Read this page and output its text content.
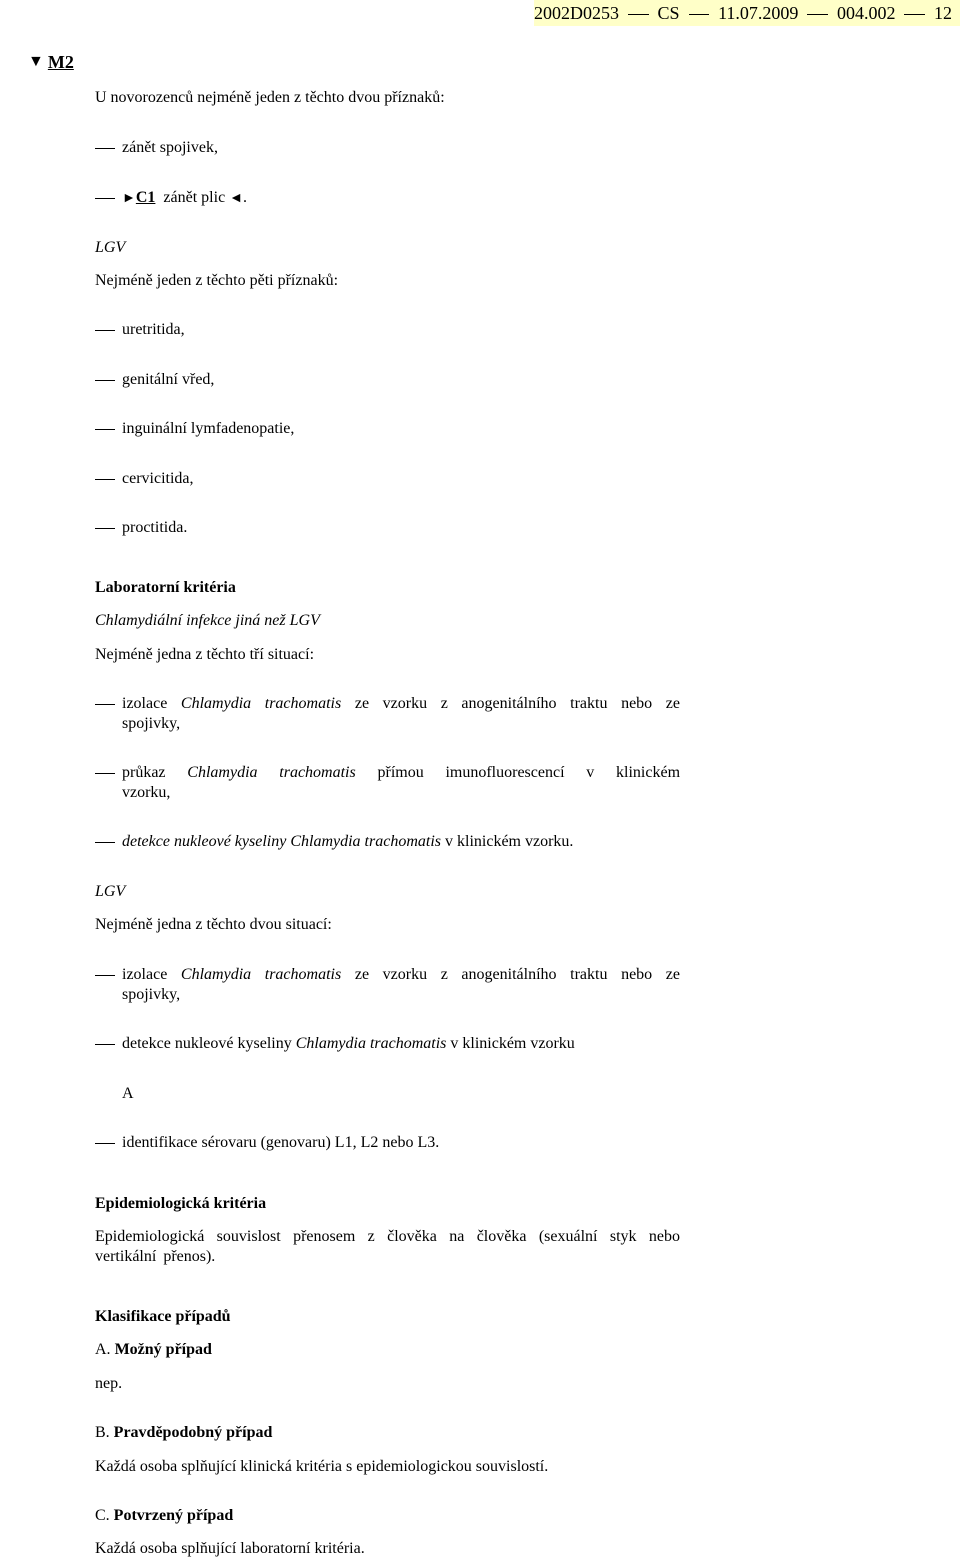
2002D0253 CS 11.07.2009 004.002 12
▼ M2
U novorozenců nejméně jeden z těchto dvou příznaků:
zánět spojivek,
►C1 zánět plic ◄.
LGV
Nejméně jeden z těchto pěti příznaků:
uretritida,
genitální vřed,
inguinální lymfadenopatie,
cervicitida,
proctitida.
Laboratorní kritéria
Chlamydiální infekce jiná než LGV
Nejméně jedna z těchto tří situací:
izolace Chlamydia trachomatis ze vzorku z anogenitálního traktu nebo ze spojivky,
průkaz Chlamydia trachomatis přímou imunofluorescencí v klinickém vzorku,
detekce nukleové kyseliny Chlamydia trachomatis v klinickém vzorku.
LGV
Nejméně jedna z těchto dvou situací:
izolace Chlamydia trachomatis ze vzorku z anogenitálního traktu nebo ze spojivky,
detekce nukleové kyseliny Chlamydia trachomatis v klinickém vzorku
A
identifikace sérovaru (genovaru) L1, L2 nebo L3.
Epidemiologická kritéria
Epidemiologická souvislost přenosem z člověka na člověka (sexuální styk nebo vertikální přenos).
Klasifikace případů
A. Možný případ
nep.
B. Pravděpodobný případ
Každá osoba splňující klinická kritéria s epidemiologickou souvislostí.
C. Potvrzený případ
Každá osoba splňující laboratorní kritéria.
